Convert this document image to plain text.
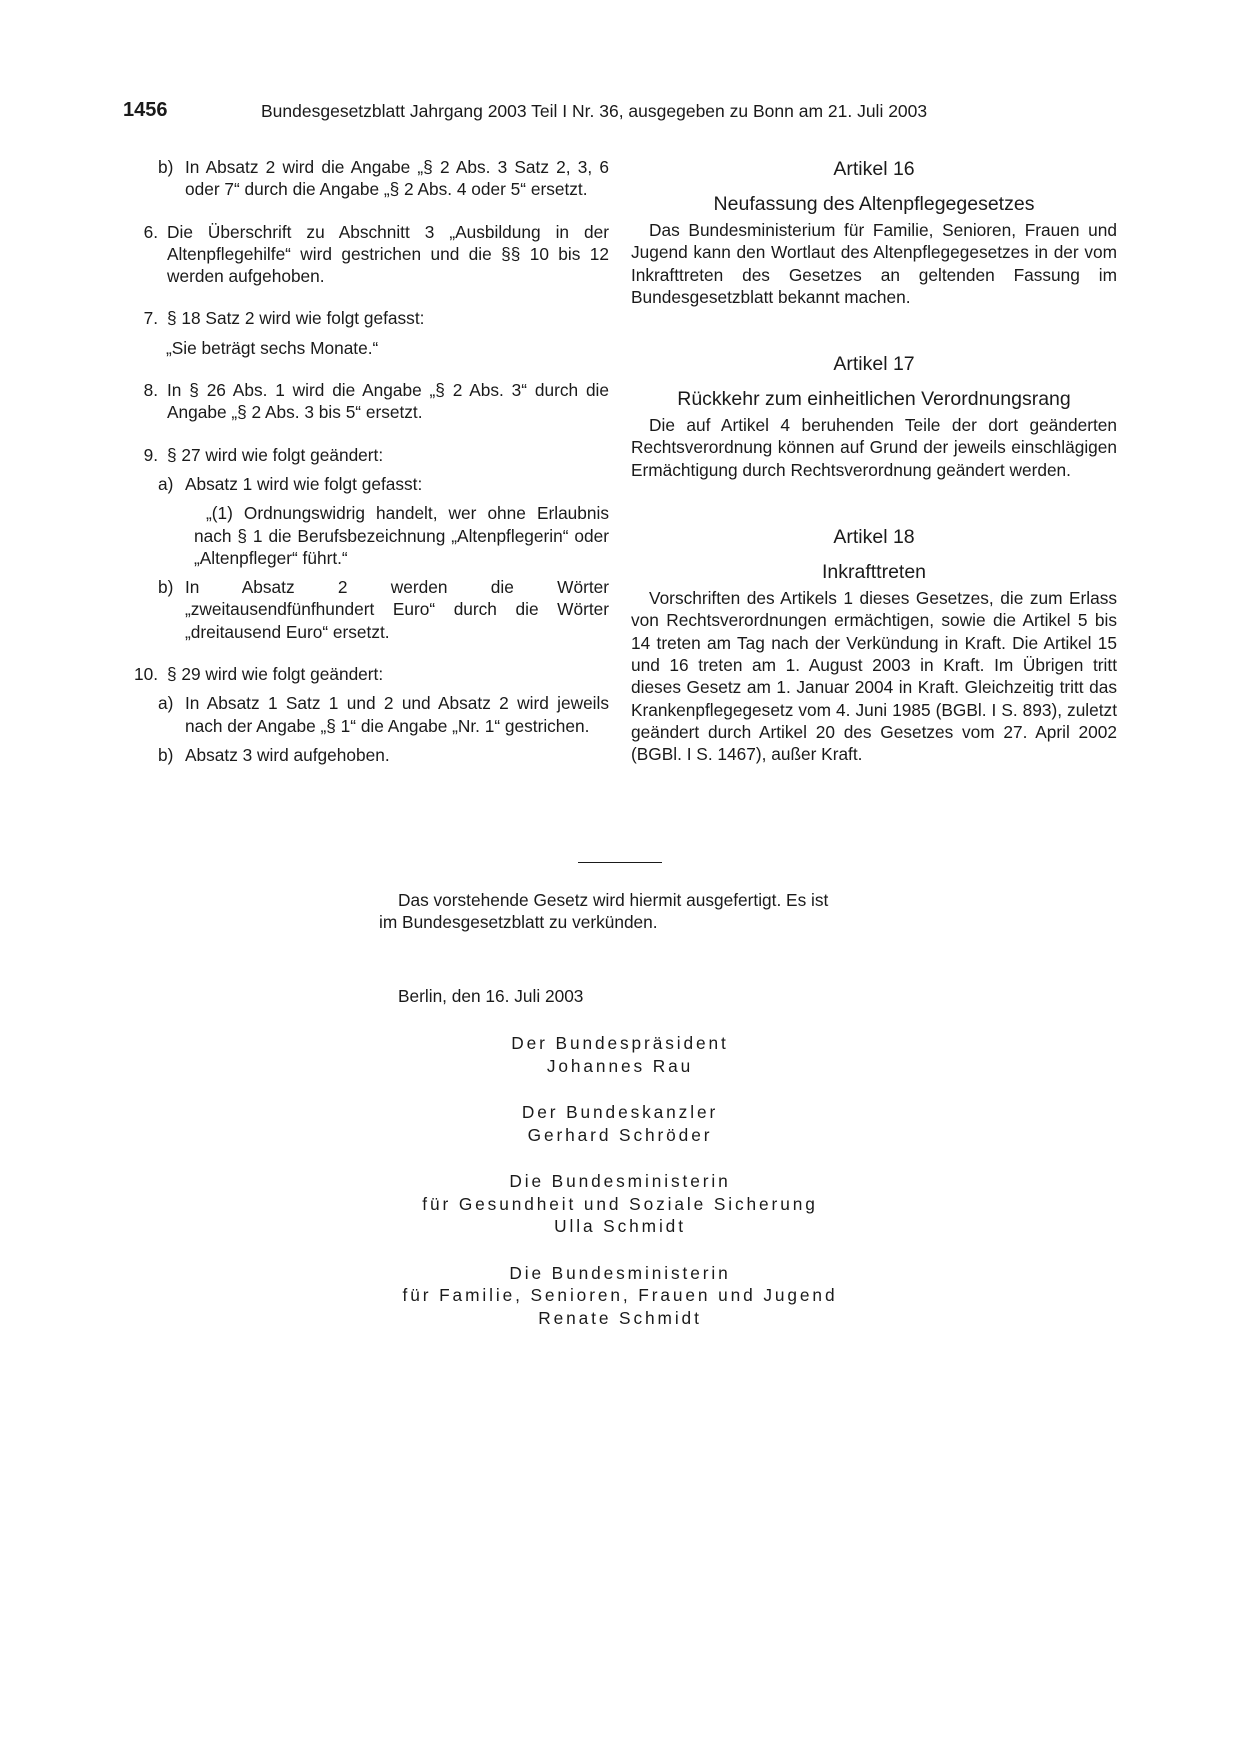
1456	Bundesgesetzblatt Jahrgang 2003 Teil I Nr. 36, ausgegeben zu Bonn am 21. Juli 2003
b) In Absatz 2 wird die Angabe „§ 2 Abs. 3 Satz 2, 3, 6 oder 7“ durch die Angabe „§ 2 Abs. 4 oder 5“ ersetzt.
6. Die Überschrift zu Abschnitt 3 „Ausbildung in der Altenpflegehilfe“ wird gestrichen und die §§ 10 bis 12 werden aufgehoben.
7. § 18 Satz 2 wird wie folgt gefasst:
„Sie beträgt sechs Monate.“
8. In § 26 Abs. 1 wird die Angabe „§ 2 Abs. 3“ durch die Angabe „§ 2 Abs. 3 bis 5“ ersetzt.
9. § 27 wird wie folgt geändert:
a) Absatz 1 wird wie folgt gefasst:
„(1) Ordnungswidrig handelt, wer ohne Erlaubnis nach § 1 die Berufsbezeichnung „Altenpflegerin“ oder „Altenpfleger“ führt.“
b) In Absatz 2 werden die Wörter „zweitausendfünfhundert Euro“ durch die Wörter „dreitausend Euro“ ersetzt.
10. § 29 wird wie folgt geändert:
a) In Absatz 1 Satz 1 und 2 und Absatz 2 wird jeweils nach der Angabe „§ 1“ die Angabe „Nr. 1“ gestrichen.
b) Absatz 3 wird aufgehoben.
Artikel 16
Neufassung des Altenpflegegesetzes
Das Bundesministerium für Familie, Senioren, Frauen und Jugend kann den Wortlaut des Altenpflegegesetzes in der vom Inkrafttreten des Gesetzes an geltenden Fassung im Bundesgesetzblatt bekannt machen.
Artikel 17
Rückkehr zum einheitlichen Verordnungsrang
Die auf Artikel 4 beruhenden Teile der dort geänderten Rechtsverordnung können auf Grund der jeweils einschlägigen Ermächtigung durch Rechtsverordnung geändert werden.
Artikel 18
Inkrafttreten
Vorschriften des Artikels 1 dieses Gesetzes, die zum Erlass von Rechtsverordnungen ermächtigen, sowie die Artikel 5 bis 14 treten am Tag nach der Verkündung in Kraft. Die Artikel 15 und 16 treten am 1. August 2003 in Kraft. Im Übrigen tritt dieses Gesetz am 1. Januar 2004 in Kraft. Gleichzeitig tritt das Krankenpflegegesetz vom 4. Juni 1985 (BGBl. I S. 893), zuletzt geändert durch Artikel 20 des Gesetzes vom 27. April 2002 (BGBl. I S. 1467), außer Kraft.
Das vorstehende Gesetz wird hiermit ausgefertigt. Es ist
im Bundesgesetzblatt zu verkünden.
Berlin, den 16. Juli 2003
Der Bundespräsident
Johannes Rau
Der Bundeskanzler
Gerhard Schröder
Die Bundesministerin
für Gesundheit und Soziale Sicherung
Ulla Schmidt
Die Bundesministerin
für Familie, Senioren, Frauen und Jugend
Renate Schmidt
